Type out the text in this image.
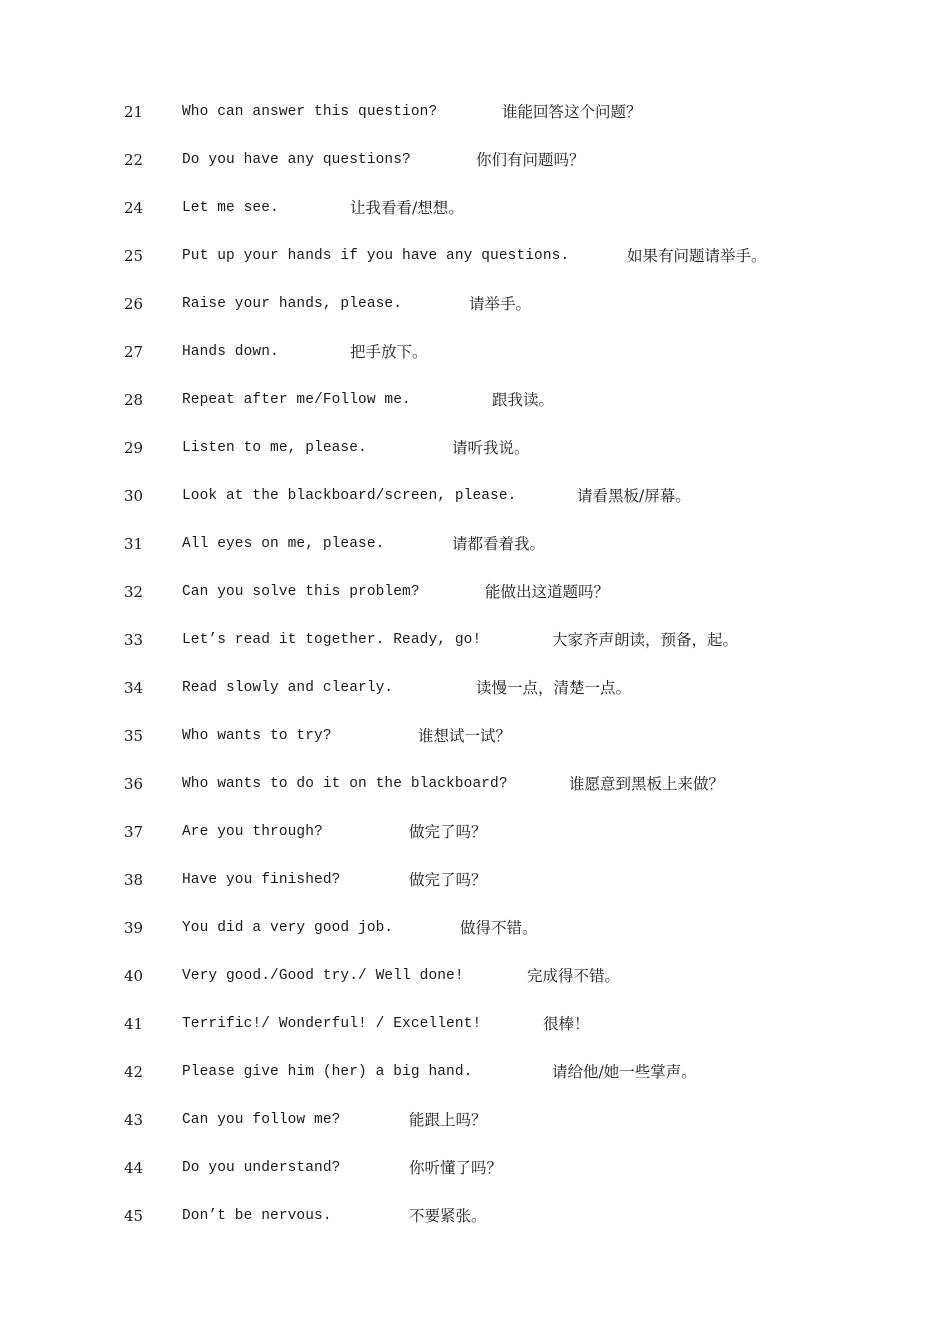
21	Who can answer this question?	谁能回答这个问题？
22	Do you have any questions?	你们有问题吗？
24	Let me see.	让我看看/想想。
25	Put up your hands if you have any questions.	如果有问题请举手。
26	Raise your hands, please.	请举手。
27	Hands down.	把手放下。
28	Repeat after me/Follow me.	跟我读。
29	Listen to me, please.	请听我说。
30	Look at the blackboard/screen, please.	请看黑板/屏幕。
31	All eyes on me, please.	请都看着我。
32	Can you solve this problem?	能做出这道题吗？
33	Let’s read it together. Ready, go!	大家齐声朗读，预备，起。
34	Read slowly and clearly.	读慢一点，清楚一点。
35	Who wants to try?	谁想试一试？
36	Who wants to do it on the blackboard?	谁愿意到黑板上来做？
37	Are you through?	做完了吗？
38	Have you finished?	做完了吗？
39	You did a very good job.	做得不错。
40	Very good./Good try./ Well done!	完成得不错。
41	Terrific!/ Wonderful! / Excellent!	很棒！
42	Please give him (her) a big hand.	请给他/她一些掌声。
43	Can you follow me?	能跟上吗？
44	Do you understand?	你听懂了吗？
45	Don’t be nervous.	不要紧张。
